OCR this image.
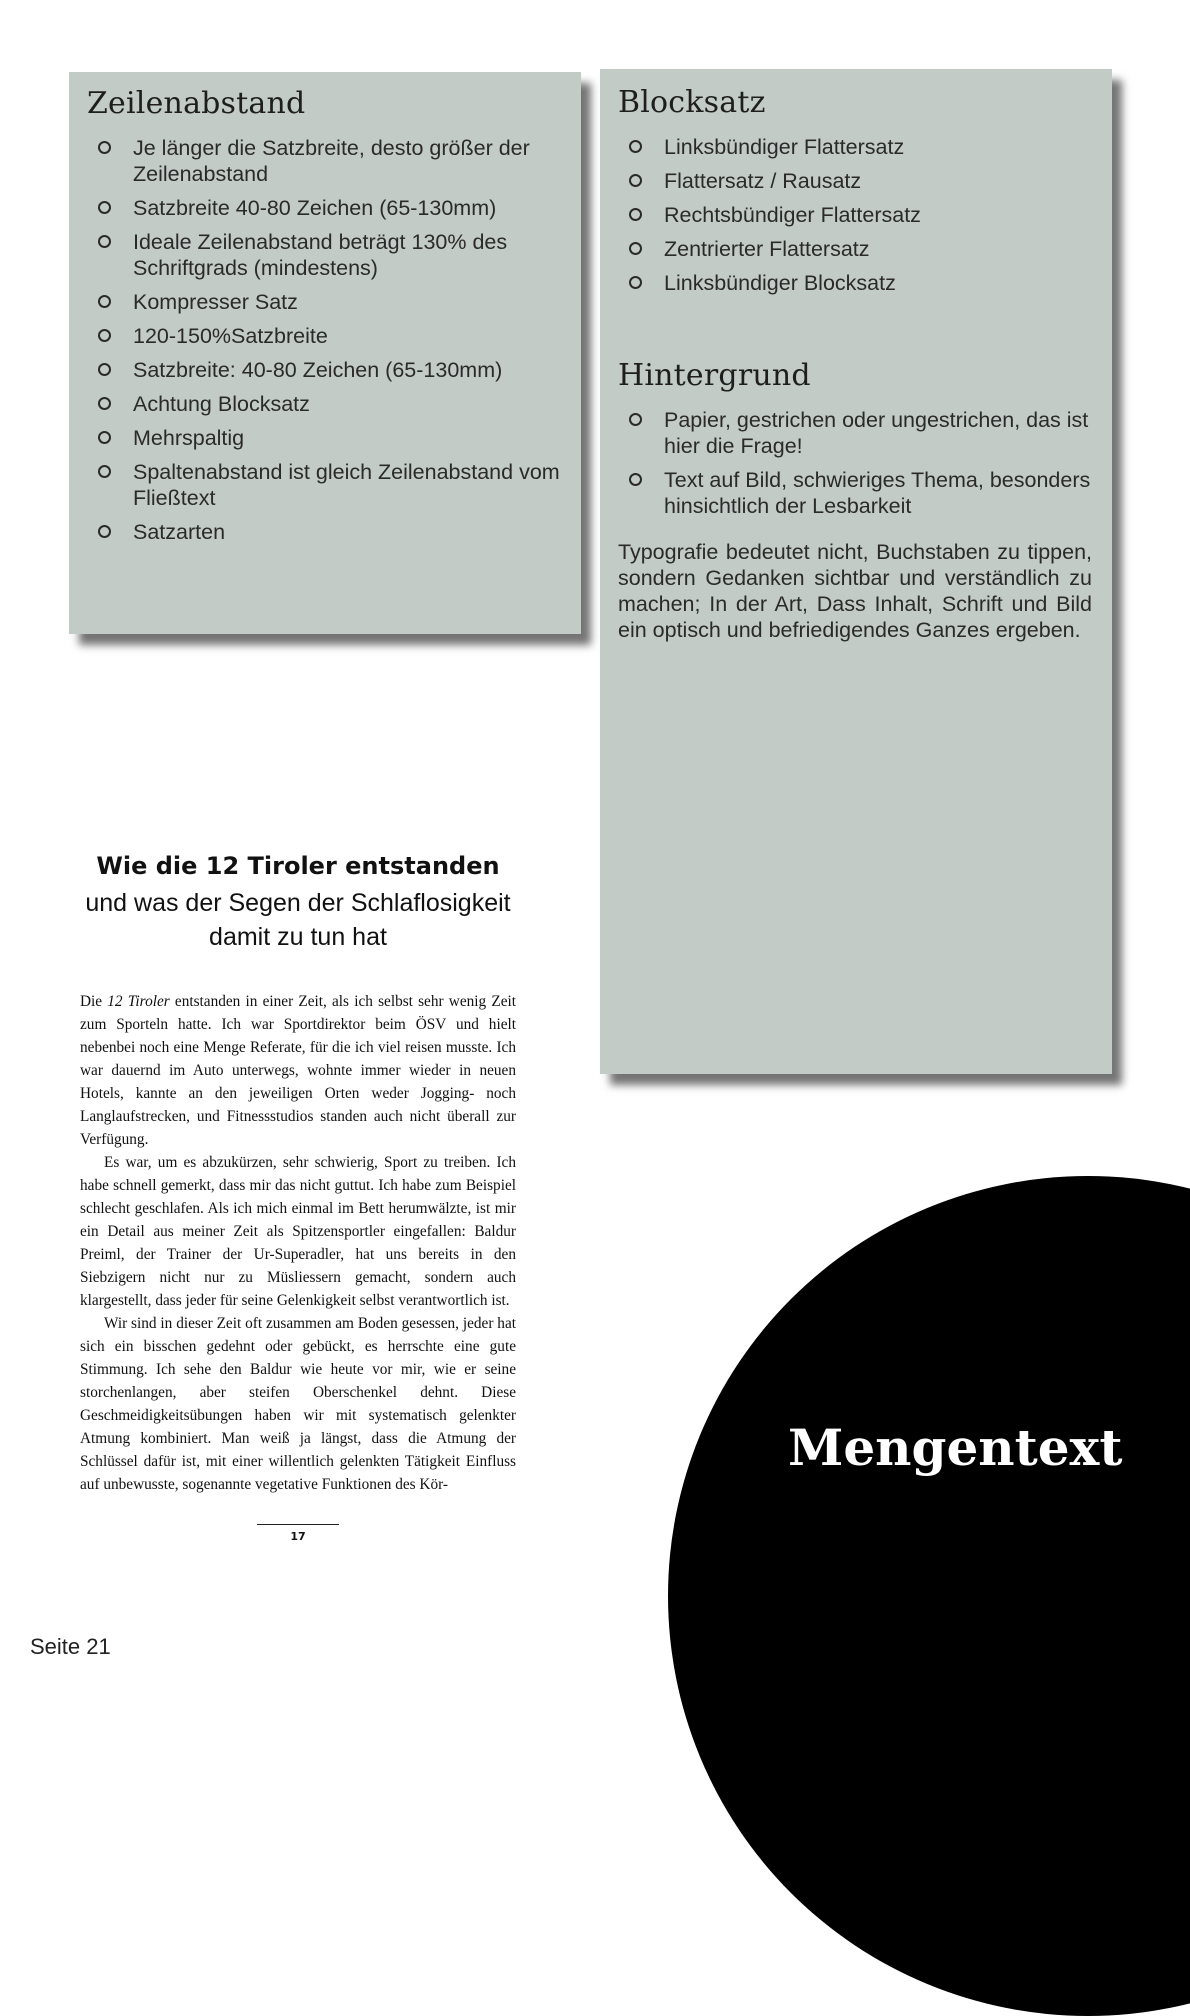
Zeilenabstand
Je länger die Satzbreite, desto größer der Zeilenabstand
Satzbreite 40-80 Zeichen (65-130mm)
Ideale Zeilenabstand beträgt 130% des Schriftgrads (mindestens)
Kompresser Satz
120-150%Satzbreite
Satzbreite: 40-80 Zeichen (65-130mm)
Achtung Blocksatz
Mehrspaltig
Spaltenabstand ist gleich Zeilenabstand vom Fließtext
Satzarten
Blocksatz
Linksbündiger Flattersatz
Flattersatz / Rausatz
Rechtsbündiger Flattersatz
Zentrierter Flattersatz
Linksbündiger Blocksatz
Hintergrund
Papier, gestrichen oder ungestrichen, das ist hier die Frage!
Text auf Bild, schwieriges Thema, besonders hinsichtlich der Lesbarkeit

Typografie bedeutet nicht, Buchstaben zu tippen, sondern Gedanken sichtbar und verständlich zu machen; In der Art, Dass Inhalt, Schrift und Bild ein optisch und befriedigendes Ganzes ergeben.

Wie die 12 Tiroler entstanden

und was der Segen der Schlaflosigkeit damit zu tun hat

Die 12 Tiroler entstanden in einer Zeit, als ich selbst sehr wenig Zeit zum Sporteln hatte. Ich war Sportdirektor beim ÖSV und hielt nebenbei noch eine Menge Referate, für die ich viel reisen musste. Ich war dauernd im Auto unterwegs, wohnte immer wieder in neuen Hotels, kannte an den jeweiligen Orten weder Jogging- noch Langlaufstrecken, und Fitnessstudios standen auch nicht überall zur Verfügung.

Es war, um es abzukürzen, sehr schwierig, Sport zu treiben. Ich habe schnell gemerkt, dass mir das nicht guttut. Ich habe zum Beispiel schlecht geschlafen. Als ich mich einmal im Bett herumwälzte, ist mir ein Detail aus meiner Zeit als Spitzensportler eingefallen: Baldur Preiml, der Trainer der Ur-Superadler, hat uns bereits in den Siebzigern nicht nur zu Müsliessern gemacht, sondern auch klargestellt, dass jeder für seine Gelenkigkeit selbst verantwortlich ist.

Wir sind in dieser Zeit oft zusammen am Boden gesessen, jeder hat sich ein bisschen gedehnt oder gebückt, es herrschte eine gute Stimmung. Ich sehe den Baldur wie heute vor mir, wie er seine storchenlangen, aber steifen Oberschenkel dehnt. Diese Geschmeidigkeitsübungen haben wir mit systematisch gelenkter Atmung kombiniert. Man weiß ja längst, dass die Atmung der Schlüssel dafür ist, mit einer willentlich gelenkten Tätigkeit Einfluss auf unbewusste, sogenannte vegetative Funktionen des Kör-

17
Mengentext
Seite 21
